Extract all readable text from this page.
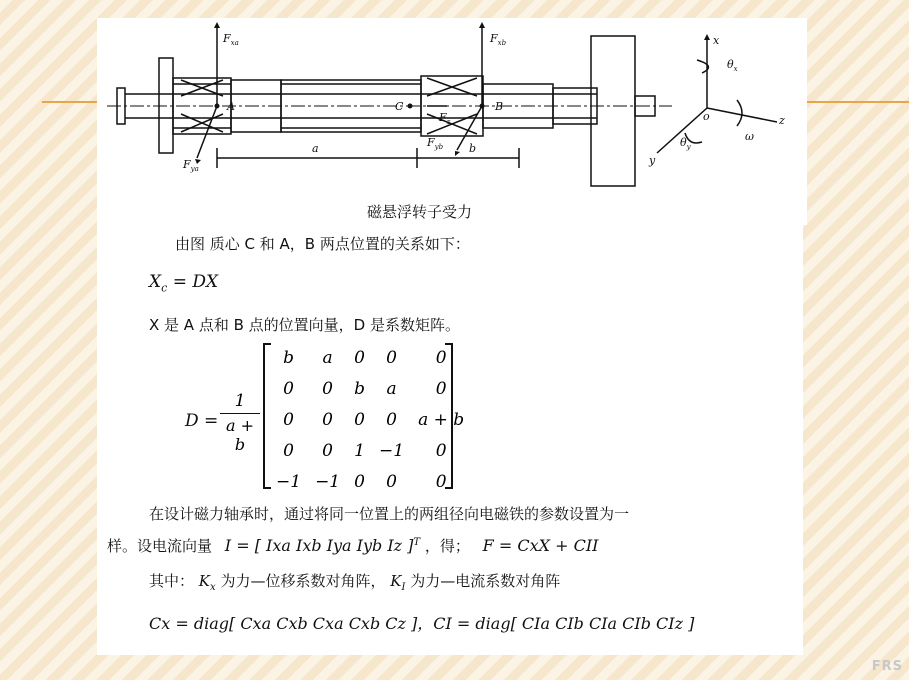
$F_{xa}$	$F_{xb}$
$F_{ya}$
$F_{yb}$
$F_z$
A	B
C
a	b
x
y
z
o
$\theta_x$
$\theta_y$
ω
磁悬浮转子受力
由图 质心 C 和 A，B 两点位置的关系如下：
$X_c$ = DX
X 是 A 点和 B 点的位置向量，D 是系数矩阵。
D =
1
a + b
b	a	0	0	0
0	0	b	a	0
0	0	0	0	a + b
0	0	1	−1	0
−1	−1	0	0	0
在设计磁力轴承时，通过将同一位置上的两组径向电磁铁的参数设置为一
样。设电流向量 I = [ Ixa Ixb Iya Iyb Iz ]$^T$ ，得； F = CxX + CII
其中： $K_x$ 为力—位移系数对角阵， $K_I$ 为力—电流系数对角阵
Cx = diag[ Cxa Cxb Cxa Cxb Cz ]，CI = diag[ CIa CIb CIa CIb CIz ]
FRS
